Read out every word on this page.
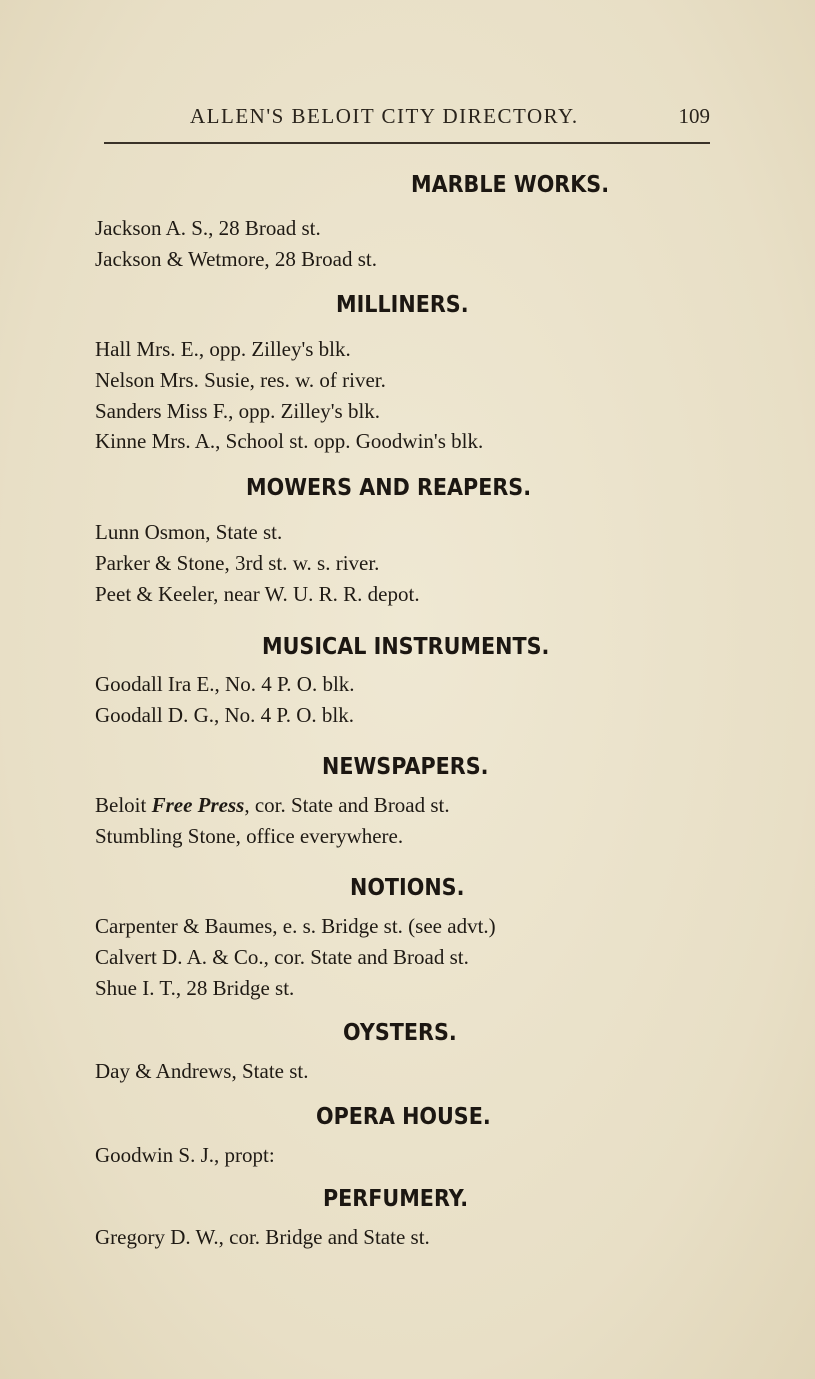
ALLEN'S BELOIT CITY DIRECTORY.	109
MARBLE WORKS.
Jackson A. S., 28 Broad st.
Jackson & Wetmore, 28 Broad st.
MILLINERS.
Hall Mrs. E., opp. Zilley's blk.
Nelson Mrs. Susie, res. w. of river.
Sanders Miss F., opp. Zilley's blk.
Kinne Mrs. A., School st. opp. Goodwin's blk.
MOWERS AND REAPERS.
Lunn Osmon, State st.
Parker & Stone, 3rd st. w. s. river.
Peet & Keeler, near W. U. R. R. depot.
MUSICAL INSTRUMENTS.
Goodall Ira E., No. 4 P. O. blk.
Goodall D. G., No. 4 P. O. blk.
NEWSPAPERS.
Beloit Free Press, cor. State and Broad st.
Stumbling Stone, office everywhere.
NOTIONS.
Carpenter & Baumes, e. s. Bridge st. (see advt.)
Calvert D. A. & Co., cor. State and Broad st.
Shue I. T., 28 Bridge st.
OYSTERS.
Day & Andrews, State st.
OPERA HOUSE.
Goodwin S. J., propt:
PERFUMERY.
Gregory D. W., cor. Bridge and State st.
